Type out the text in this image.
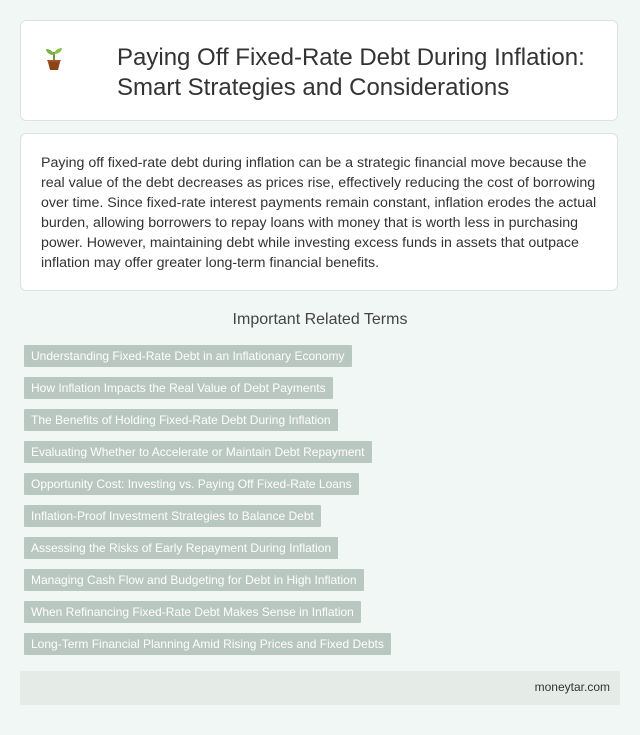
Paying Off Fixed-Rate Debt During Inflation: Smart Strategies and Considerations

Paying off fixed-rate debt during inflation can be a strategic financial move because the real value of the debt decreases as prices rise, effectively reducing the cost of borrowing over time. Since fixed-rate interest payments remain constant, inflation erodes the actual burden, allowing borrowers to repay loans with money that is worth less in purchasing power. However, maintaining debt while investing excess funds in assets that outpace inflation may offer greater long-term financial benefits.

Important Related Terms
Understanding Fixed-Rate Debt in an Inflationary Economy
How Inflation Impacts the Real Value of Debt Payments
The Benefits of Holding Fixed-Rate Debt During Inflation
Evaluating Whether to Accelerate or Maintain Debt Repayment
Opportunity Cost: Investing vs. Paying Off Fixed-Rate Loans
Inflation-Proof Investment Strategies to Balance Debt
Assessing the Risks of Early Repayment During Inflation
Managing Cash Flow and Budgeting for Debt in High Inflation
When Refinancing Fixed-Rate Debt Makes Sense in Inflation
Long-Term Financial Planning Amid Rising Prices and Fixed Debts
moneytar.com
